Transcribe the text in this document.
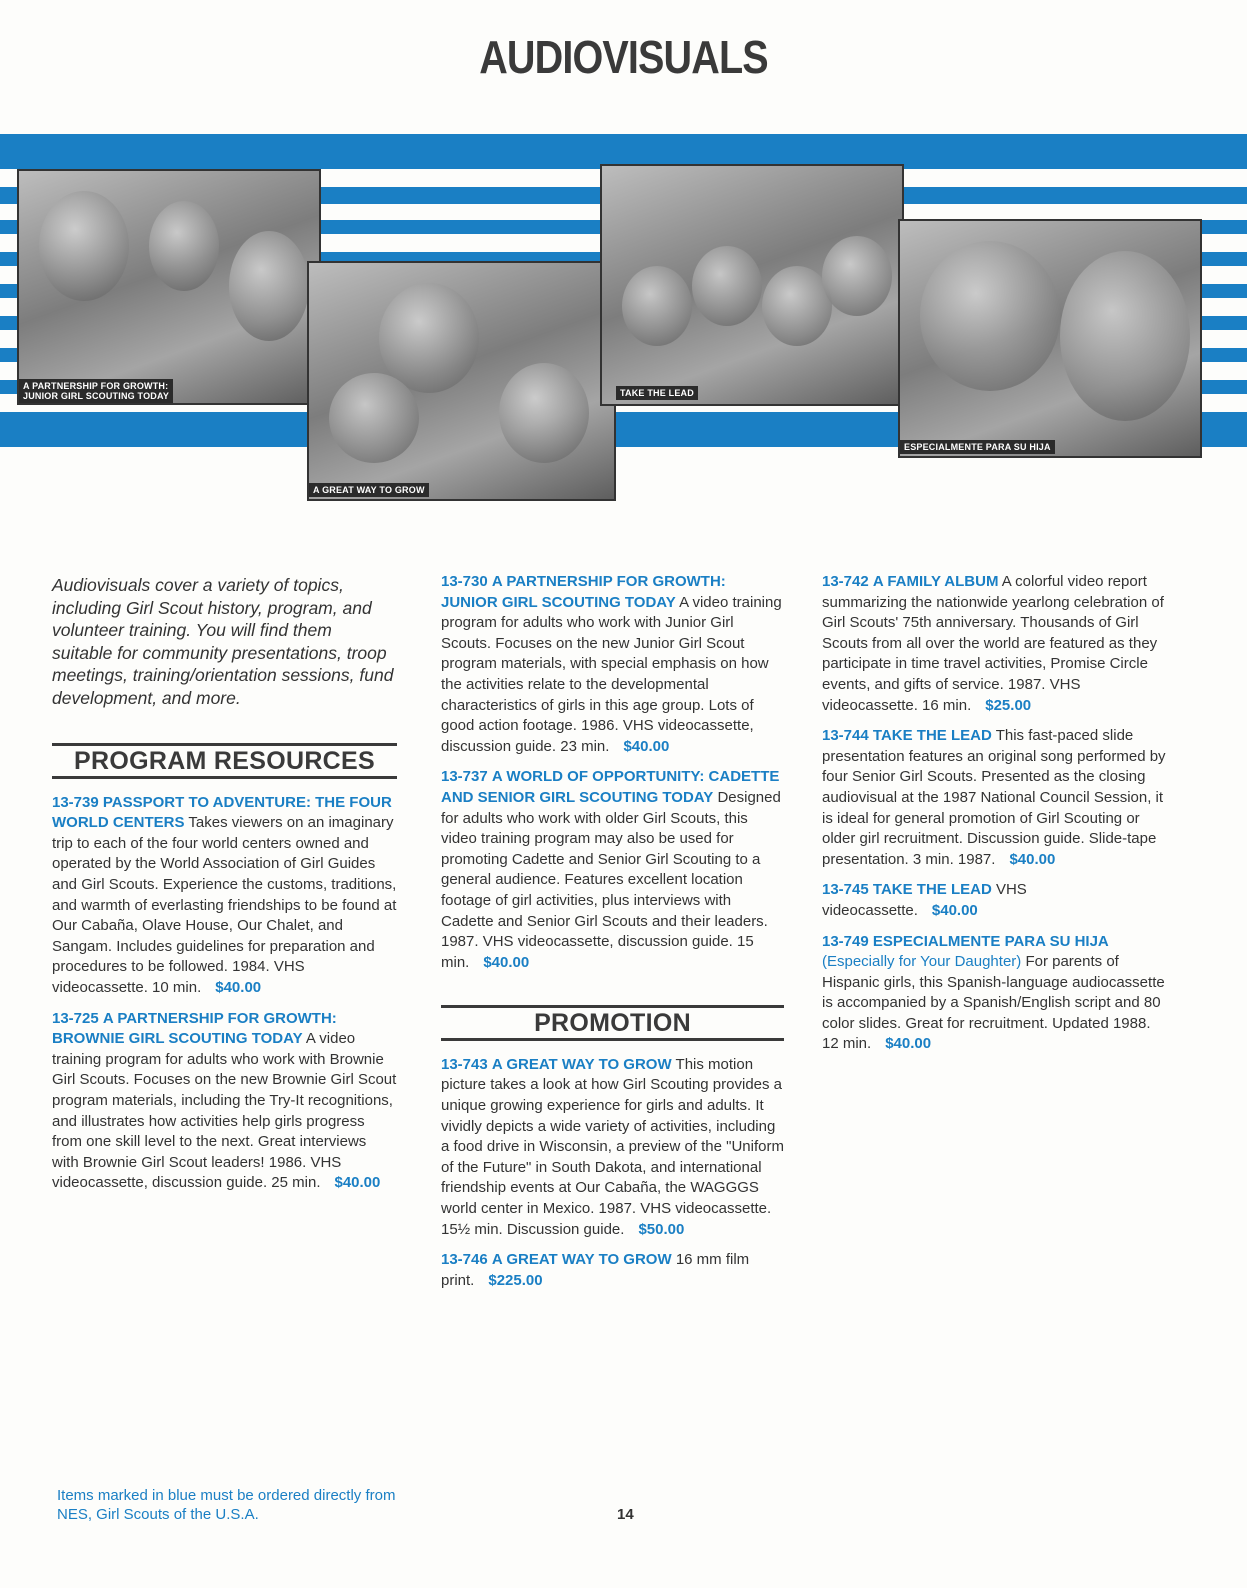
AUDIOVISUALS
A PARTNERSHIP FOR GROWTH:
JUNIOR GIRL SCOUTING TODAY
A GREAT WAY TO GROW
TAKE THE LEAD
ESPECIALMENTE PARA SU HIJA

Audiovisuals cover a variety of topics, including Girl Scout history, program, and volunteer training. You will find them suitable for community presentations, troop meetings, training/orientation sessions, fund development, and more.

PROGRAM RESOURCES

13-739 PASSPORT TO ADVENTURE: THE FOUR WORLD CENTERS Takes viewers on an imaginary trip to each of the four world centers owned and operated by the World Association of Girl Guides and Girl Scouts. Experience the customs, traditions, and warmth of everlasting friendships to be found at Our Cabaña, Olave House, Our Chalet, and Sangam. Includes guidelines for preparation and procedures to be followed. 1984. VHS videocassette. 10 min. $40.00

13-725 A PARTNERSHIP FOR GROWTH: BROWNIE GIRL SCOUTING TODAY A video training program for adults who work with Brownie Girl Scouts. Focuses on the new Brownie Girl Scout program materials, including the Try-It recognitions, and illustrates how activities help girls progress from one skill level to the next. Great interviews with Brownie Girl Scout leaders! 1986. VHS videocassette, discussion guide. 25 min. $40.00

13-730 A PARTNERSHIP FOR GROWTH: JUNIOR GIRL SCOUTING TODAY A video training program for adults who work with Junior Girl Scouts. Focuses on the new Junior Girl Scout program materials, with special emphasis on how the activities relate to the developmental characteristics of girls in this age group. Lots of good action footage. 1986. VHS videocassette, discussion guide. 23 min. $40.00

13-737 A WORLD OF OPPORTUNITY: CADETTE AND SENIOR GIRL SCOUTING TODAY Designed for adults who work with older Girl Scouts, this video training program may also be used for promoting Cadette and Senior Girl Scouting to a general audience. Features excellent location footage of girl activities, plus interviews with Cadette and Senior Girl Scouts and their leaders. 1987. VHS videocassette, discussion guide. 15 min. $40.00

PROMOTION

13-743 A GREAT WAY TO GROW This motion picture takes a look at how Girl Scouting provides a unique growing experience for girls and adults. It vividly depicts a wide variety of activities, including a food drive in Wisconsin, a preview of the "Uniform of the Future" in South Dakota, and international friendship events at Our Cabaña, the WAGGGS world center in Mexico. 1987. VHS videocassette. 15½ min. Discussion guide. $50.00

13-746 A GREAT WAY TO GROW 16 mm film print. $225.00

13-742 A FAMILY ALBUM A colorful video report summarizing the nationwide yearlong celebration of Girl Scouts' 75th anniversary. Thousands of Girl Scouts from all over the world are featured as they participate in time travel activities, Promise Circle events, and gifts of service. 1987. VHS videocassette. 16 min. $25.00

13-744 TAKE THE LEAD This fast-paced slide presentation features an original song performed by four Senior Girl Scouts. Presented as the closing audiovisual at the 1987 National Council Session, it is ideal for general promotion of Girl Scouting or older girl recruitment. Discussion guide. Slide-tape presentation. 3 min. 1987. $40.00

13-745 TAKE THE LEAD VHS videocassette. $40.00

13-749 ESPECIALMENTE PARA SU HIJA (Especially for Your Daughter) For parents of Hispanic girls, this Spanish-language audiocassette is accompanied by a Spanish/English script and 80 color slides. Great for recruitment. Updated 1988. 12 min. $40.00

Items marked in blue must be ordered directly from NES, Girl Scouts of the U.S.A.	14
